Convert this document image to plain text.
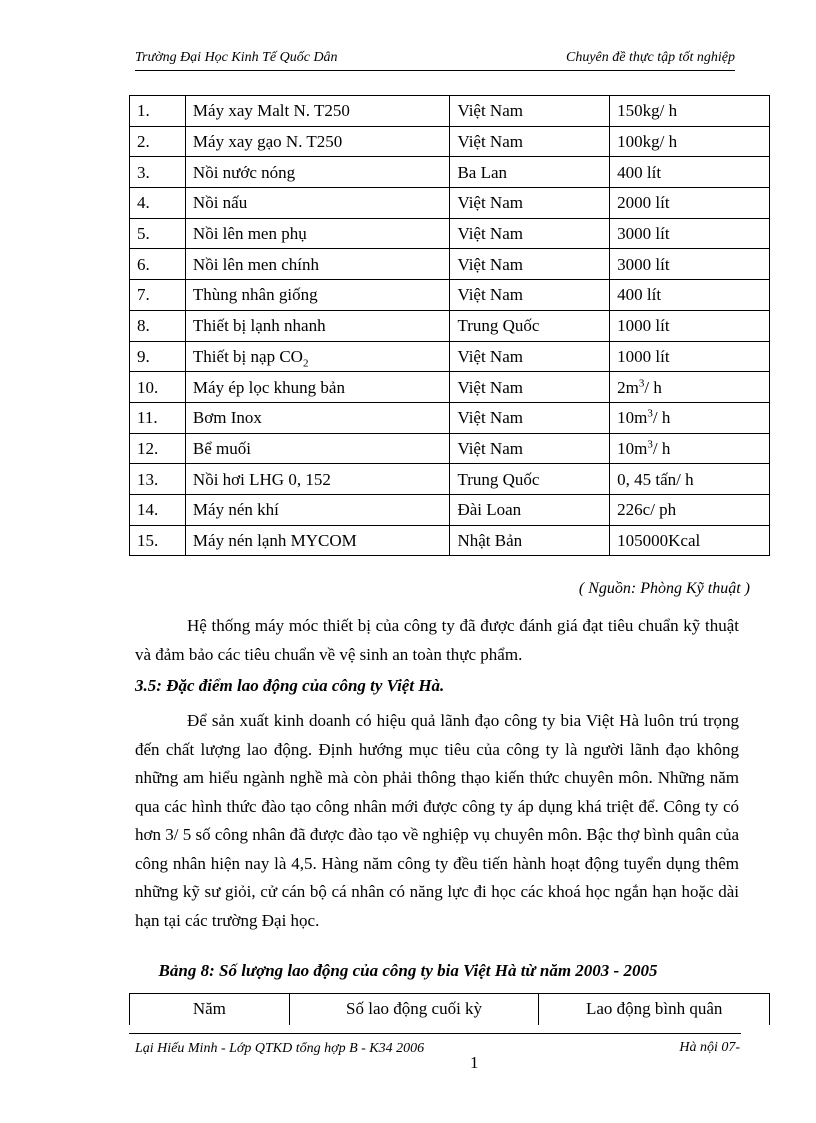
Trường Đại Học Kinh Tế Quốc Dân	Chuyên đề thực tập tốt nghiệp
1.	Máy xay Malt N. T250	Việt Nam	150kg/ h
2.	Máy xay gạo N. T250	Việt Nam	100kg/ h
3.	Nồi nước nóng	Ba Lan	400 lít
4.	Nồi nấu	Việt Nam	2000 lít
5.	Nồi lên men phụ	Việt Nam	3000 lít
6.	Nồi lên men chính	Việt Nam	3000 lít
7.	Thùng nhân giống	Việt Nam	400 lít
8.	Thiết bị lạnh nhanh	Trung Quốc	1000 lít
9.	Thiết bị nạp $CO_2$	Việt Nam	1000 lít
10.	Máy ép lọc khung bản	Việt Nam	$2m^3/$ h
11.	Bơm Inox	Việt Nam	$10m^3/$ h
12.	Bể muối	Việt Nam	$10m^3/$ h
13.	Nồi hơi LHG 0, 152	Trung Quốc	0, 45 tấn/ h
14.	Máy nén khí	Đài Loan	226c/ ph
15.	Máy nén lạnh MYCOM	Nhật Bản	105000Kcal
( Nguồn: Phòng Kỹ thuật )

Hệ thống máy móc thiết bị của công ty đã được đánh giá đạt tiêu chuẩn kỹ thuật và đảm bảo các tiêu chuẩn về vệ sinh an toàn thực phẩm.

3.5: Đặc điểm lao động của công ty Việt Hà.

Để sản xuất kinh doanh có hiệu quả lãnh đạo công ty bia Việt Hà luôn trú trọng đến chất lượng lao động. Định hướng mục tiêu của công ty là người lãnh đạo không những am hiểu ngành nghề mà còn phải thông thạo kiến thức chuyên môn. Những năm qua các hình thức đào tạo công nhân mới được công ty áp dụng khá triệt để. Công ty có hơn 3/ 5 số công nhân đã được đào tạo về nghiệp vụ chuyên môn. Bậc thợ bình quân của công nhân hiện nay là 4,5. Hàng năm công ty đều tiến hành hoạt động tuyển dụng thêm những kỹ sư giỏi, cử cán bộ cá nhân có năng lực đi học các khoá học ngắn hạn hoặc dài hạn tại các trường Đại học.

Bảng 8: Số lượng lao động của công ty bia Việt Hà từ năm 2003 - 2005
Năm	Số lao động cuối kỳ	Lao động bình quân
Lại Hiếu Minh - Lớp QTKD tổng hợp B - K34 2006	Hà nội 07-
1
